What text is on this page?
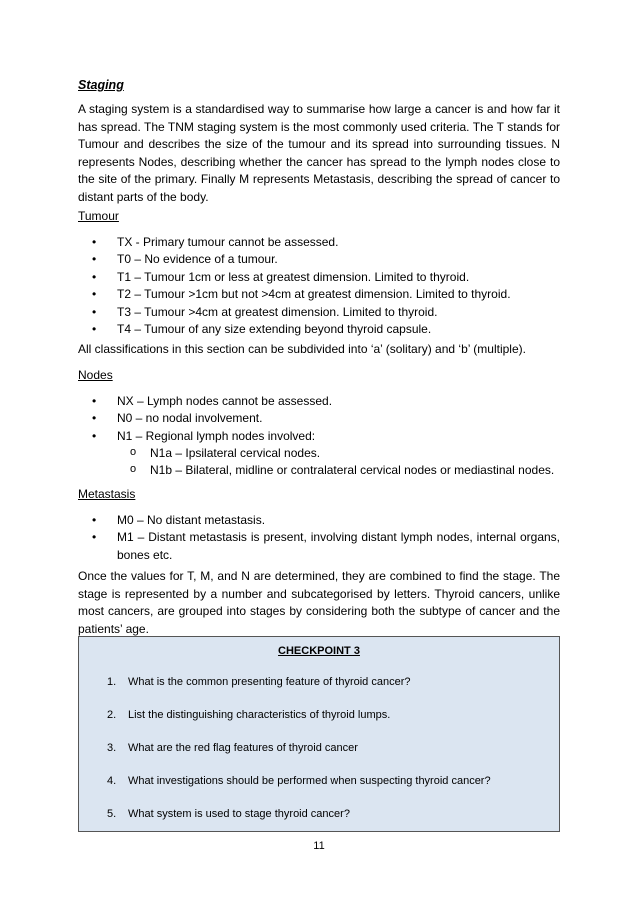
Staging

A staging system is a standardised way to summarise how large a cancer is and how far it has spread. The TNM staging system is the most commonly used criteria. The T stands for Tumour and describes the size of the tumour and its spread into surrounding tissues. N represents Nodes, describing whether the cancer has spread to the lymph nodes close to the site of the primary. Finally M represents Metastasis, describing the spread of cancer to distant parts of the body.

Tumour
• TX - Primary tumour cannot be assessed.
• T0 – No evidence of a tumour.
• T1 – Tumour 1cm or less at greatest dimension. Limited to thyroid.
• T2 – Tumour >1cm but not >4cm at greatest dimension. Limited to thyroid.
• T3 – Tumour >4cm at greatest dimension. Limited to thyroid.
• T4 – Tumour of any size extending beyond thyroid capsule.
All classifications in this section can be subdivided into ‘a’ (solitary) and ‘b’ (multiple).
Nodes
• NX – Lymph nodes cannot be assessed.
• N0 – no nodal involvement.
• N1 – Regional lymph nodes involved:
o N1a – Ipsilateral cervical nodes.
o N1b – Bilateral, midline or contralateral cervical nodes or mediastinal nodes.
Metastasis
• M0 – No distant metastasis.
• M1 – Distant metastasis is present, involving distant lymph nodes, internal organs, bones etc.

Once the values for T, M, and N are determined, they are combined to find the stage. The stage is represented by a number and subcategorised by letters. Thyroid cancers, unlike most cancers, are grouped into stages by considering both the subtype of cancer and the patients’ age.

CHECKPOINT 3
1. What is the common presenting feature of thyroid cancer?
2. List the distinguishing characteristics of thyroid lumps.
3. What are the red flag features of thyroid cancer
4. What investigations should be performed when suspecting thyroid cancer?
5. What system is used to stage thyroid cancer?
11
